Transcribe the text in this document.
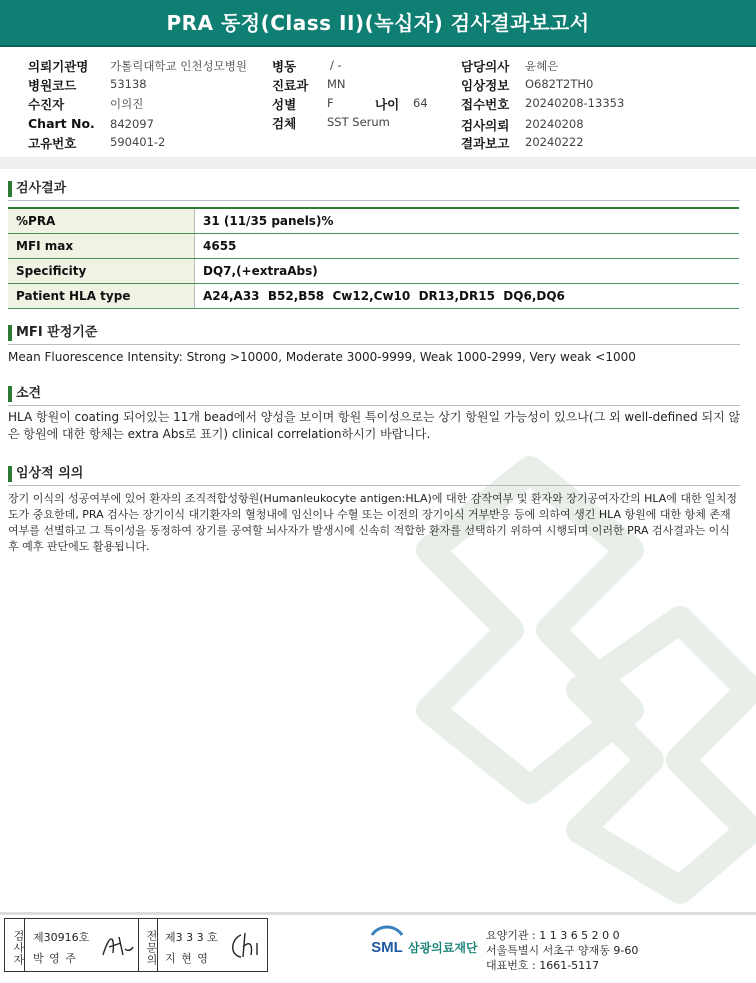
PRA 동정(Class II)(녹십자) 검사결과보고서
의뢰기관명 가톨릭대학교 인천성모병원
병원코드	53138
수진자	이의진
Chart No. 842097
고유번호	590401-2
병동	/ -
진료과 MN
성별	F	나이 64
검체	SST Serum
담당의사 윤혜은
임상정보 O682T2TH0
접수번호 20240208-13353
검사의뢰 20240208
결과보고 20240222
검사결과
%PRA	31 (11/35 panels)%
MFI max	4655
Specificity	DQ7,(+extraAbs)
Patient HLA type	A24,A33  B52,B58  Cw12,Cw10  DR13,DR15  DQ6,DQ6
MFI 판정기준
Mean Fluorescence Intensity: Strong >10000, Moderate 3000-9999, Weak 1000-2999, Very weak <1000
소견
HLA 항원이 coating 되어있는 11개 bead에서 양성을 보이며 항원 특이성으로는 상기 항원일 가능성이 있으나(그 외 well-defined 되지 않은 항원에 대한 항체는 extra Abs로 표기) clinical correlation하시기 바랍니다.
임상적 의의
장기 이식의 성공여부에 있어 환자의 조직적합성항원(Humanleukocyte antigen:HLA)에 대한 감작여부 및 환자와 장기공여자간의 HLA에 대한 일치정도가 중요한데, PRA 검사는 장기이식 대기환자의 혈청내에 임신이나 수혈 또는 이전의 장기이식 거부반응 등에 의하여 생긴 HLA 항원에 대한 항체 존재 여부를 선별하고 그 특이성을 동정하여 장기를 공여할 뇌사자가 발생시에 신속히 적합한 환자를 선택하기 위하여 시행되며 이러한 PRA 검사결과는 이식 후 예후 판단에도 활용됩니다.
검사자 제30916호
박 영 주	전문의 제3 3 3 호
지 현 영
SML 삼광의료재단
요양기관 : 1 1 3 6 5 2 0 0
서울특별시 서초구 양재동 9-60
대표번호 : 1661-5117
